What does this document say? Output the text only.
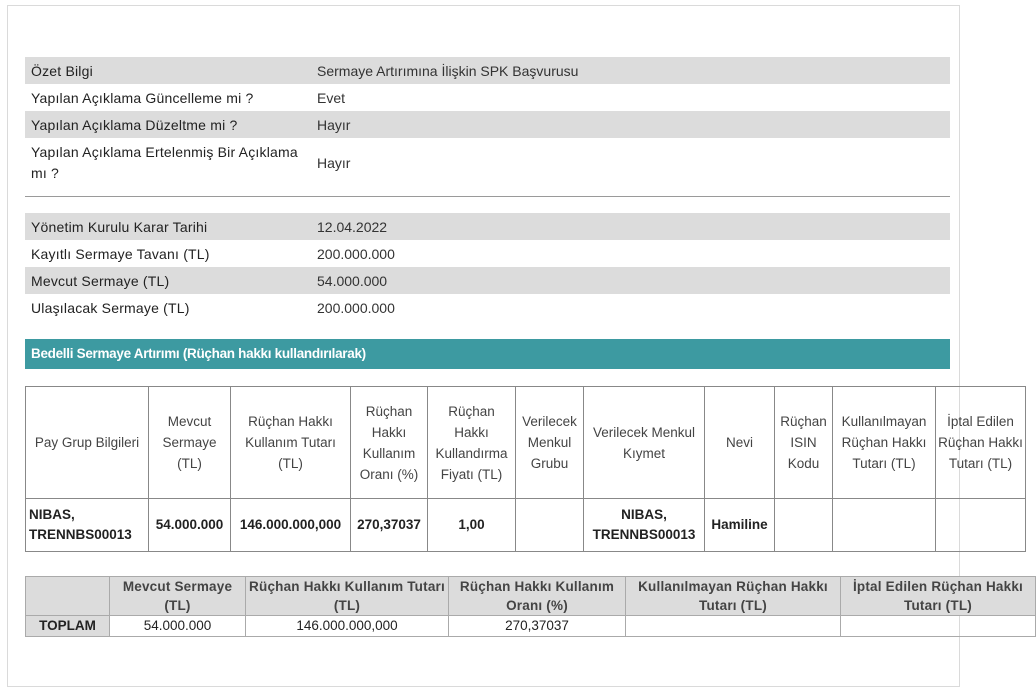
Özet Bilgi	Sermaye Artırımına İlişkin SPK Başvurusu
Yapılan Açıklama Güncelleme mi ?	Evet
Yapılan Açıklama Düzeltme mi ?	Hayır
Yapılan Açıklama Ertelenmiş Bir Açıklama mı ?	Hayır
Yönetim Kurulu Karar Tarihi	12.04.2022
Kayıtlı Sermaye Tavanı (TL)	200.000.000
Mevcut Sermaye (TL)	54.000.000
Ulaşılacak Sermaye (TL)	200.000.000
Bedelli Sermaye Artırımı (Rüçhan hakkı kullandırılarak)
Pay Grup Bilgileri	Mevcut Sermaye (TL)	Rüçhan Hakkı Kullanım Tutarı (TL)	Rüçhan Hakkı Kullanım Oranı (%)	Rüçhan Hakkı Kullandırma Fiyatı (TL)	Verilecek Menkul Grubu	Verilecek Menkul Kıymet	Nevi	Rüçhan ISIN Kodu	Kullanılmayan Rüçhan Hakkı Tutarı (TL)	İptal Edilen Rüçhan Hakkı Tutarı (TL)
NIBAS, TRENNBS00013	54.000.000	146.000.000,000	270,37037	1,00		NIBAS, TRENNBS00013	Hamiline			
	Mevcut Sermaye (TL)	Rüçhan Hakkı Kullanım Tutarı (TL)	Rüçhan Hakkı Kullanım Oranı (%)	Kullanılmayan Rüçhan Hakkı Tutarı (TL)	İptal Edilen Rüçhan Hakkı Tutarı (TL)
TOPLAM	54.000.000	146.000.000,000	270,37037		
